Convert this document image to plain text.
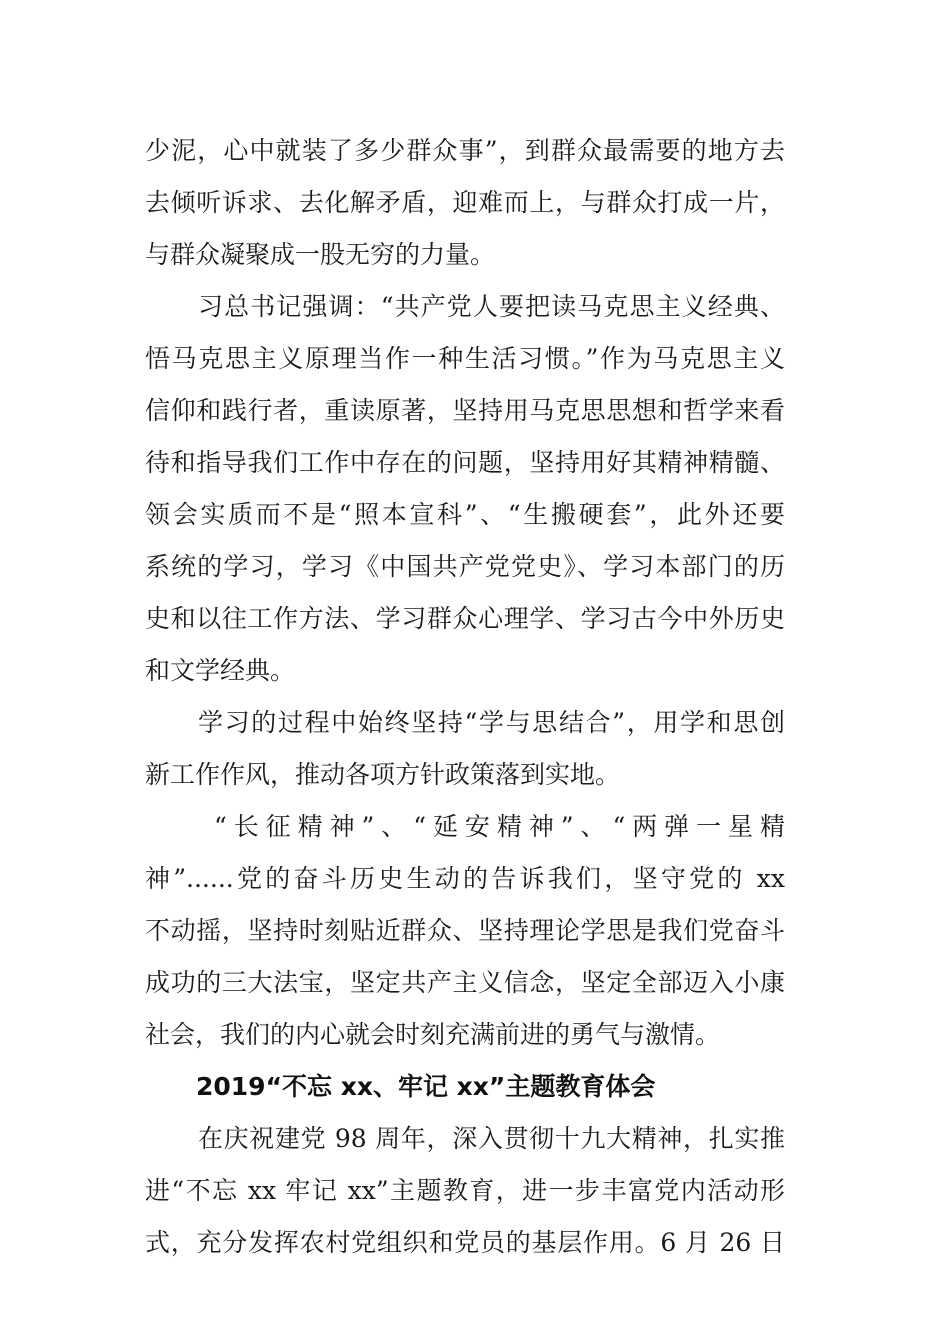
少泥，心中就装了多少群众事”，到群众最需要的地方去
去倾听诉求、去化解矛盾，迎难而上，与群众打成一片，
与群众凝聚成一股无穷的力量。
习总书记强调：“共产党人要把读马克思主义经典、
悟马克思主义原理当作一种生活习惯。”作为马克思主义
信仰和践行者，重读原著，坚持用马克思思想和哲学来看
待和指导我们工作中存在的问题，坚持用好其精神精髓、
领会实质而不是“照本宣科”、“生搬硬套”，此外还要
系统的学习，学习《中国共产党党史》、学习本部门的历
史和以往工作方法、学习群众心理学、学习古今中外历史
和文学经典。
学习的过程中始终坚持“学与思结合”，用学和思创
新工作作风，推动各项方针政策落到实地。
“长征精神”、“延安精神”、“两弹一星精
神”......党的奋斗历史生动的告诉我们，坚守党的 xx
不动摇，坚持时刻贴近群众、坚持理论学思是我们党奋斗
成功的三大法宝，坚定共产主义信念，坚定全部迈入小康
社会，我们的内心就会时刻充满前进的勇气与激情。
2019“不忘 xx、牢记 xx”主题教育体会
在庆祝建党 98 周年，深入贯彻十九大精神，扎实推
进“不忘 xx 牢记 xx”主题教育，进一步丰富党内活动形
式，充分发挥农村党组织和党员的基层作用。6 月 26 日
